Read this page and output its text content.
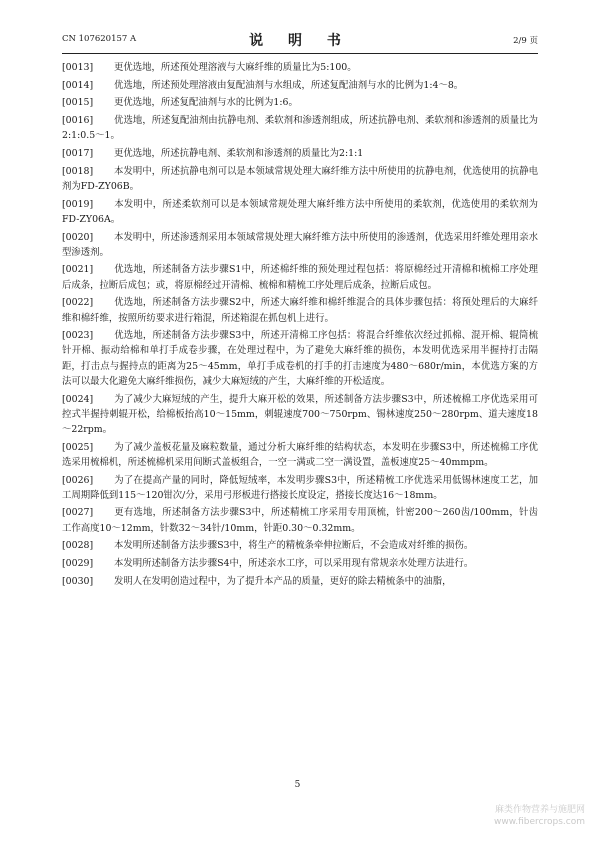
CN 107620157 A	说 明 书	2/9 页
[0013] 更优选地，所述预处理溶液与大麻纤维的质量比为5:100。
[0014] 优选地，所述预处理溶液由复配油剂与水组成，所述复配油剂与水的比例为1:4～8。
[0015] 更优选地，所述复配油剂与水的比例为1:6。
[0016] 优选地，所述复配油剂由抗静电剂、柔软剂和渗透剂组成，所述抗静电剂、柔软剂和渗透剂的质量比为2:1:0.5～1。
[0017] 更优选地，所述抗静电剂、柔软剂和渗透剂的质量比为2:1:1
[0018] 本发明中，所述抗静电剂可以是本领域常规处理大麻纤维方法中所使用的抗静电剂，优选使用的抗静电剂为FD-ZY06B。
[0019] 本发明中，所述柔软剂可以是本领域常规处理大麻纤维方法中所使用的柔软剂，优选使用的柔软剂为FD-ZY06A。
[0020] 本发明中，所述渗透剂采用本领域常规处理大麻纤维方法中所使用的渗透剂，优选采用纤维处理用亲水型渗透剂。
[0021] 优选地，所述制备方法步骤S1中，所述棉纤维的预处理过程包括：将原棉经过开清棉和梳棉工序处理后成条，拉断后成包；或，将原棉经过开清棉、梳棉和精梳工序处理后成条，拉断后成包。
[0022] 优选地，所述制备方法步骤S2中，所述大麻纤维和棉纤维混合的具体步骤包括：将预处理后的大麻纤维和棉纤维，按照所纺要求进行箱混，所述箱混在抓包机上进行。
[0023] 优选地，所述制备方法步骤S3中，所述开清棉工序包括：将混合纤维依次经过抓棉、混开棉、辊筒梳针开棉、振动给棉和单打手成卷步骤，在处理过程中，为了避免大麻纤维的损伤，本发明优选采用半握持打击隔距，打击点与握持点的距离为25～45mm，单打手成卷机的打手的打击速度为480～680r/min，本优选方案的方法可以最大化避免大麻纤维损伤，减少大麻短绒的产生，大麻纤维的开松适度。
[0024] 为了减少大麻短绒的产生，提升大麻开松的效果，所述制备方法步骤S3中，所述梳棉工序优选采用可控式半握持刺辊开松，给棉板抬高10～15mm，刺辊速度700～750rpm、锡林速度250～280rpm、道夫速度18～22rpm。
[0025] 为了减少盖板花量及麻粒数量，通过分析大麻纤维的结构状态，本发明在步骤S3中，所述梳棉工序优选采用梳棉机，所述梳棉机采用间断式盖板组合，一空一满或二空一满设置，盖板速度25～40mmpm。
[0026] 为了在提高产量的同时，降低短绒率，本发明步骤S3中，所述精梳工序优选采用低锡林速度工艺，加工周期降低到115～120钳次/分，采用弓形板进行搭接长度设定，搭接长度达16～18mm。
[0027] 更有选地，所述制备方法步骤S3中，所述精梳工序采用专用顶梳，针密200～260齿/100mm，针齿工作高度10～12mm，针数32～34针/10mm，针距0.30～0.32mm。
[0028] 本发明所述制备方法步骤S3中，将生产的精梳条牵伸拉断后，不会造成对纤维的损伤。
[0029] 本发明所述制备方法步骤S4中，所述亲水工序，可以采用现有常规亲水处理方法进行。
[0030] 发明人在发明创造过程中，为了提升本产品的质量，更好的除去精梳条中的油脂，
5
麻类作物营养与施肥网
www.fibercrops.com
